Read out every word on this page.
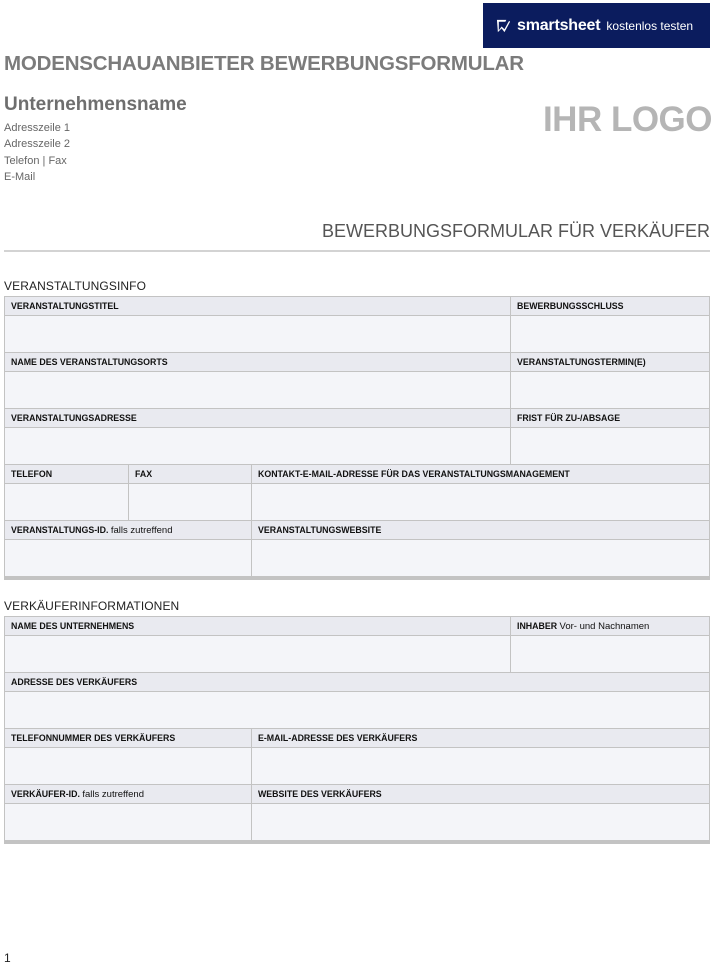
smartsheet kostenlos testen
MODENSCHAUANBIETER BEWERBUNGSFORMULAR
Unternehmensname
Adresszeile 1
Adresszeile 2
Telefon | Fax
E-Mail
IHR LOGO
BEWERBUNGSFORMULAR FÜR VERKÄUFER
VERANSTALTUNGSINFO
VERANSTALTUNGSTITEL	BEWERBUNGSSCHLUSS
NAME DES VERANSTALTUNGSORTS	VERANSTALTUNGSTERMIN(E)
VERANSTALTUNGSADRESSE	FRIST FÜR ZU-/ABSAGE
TELEFON	FAX	KONTAKT-E-MAIL-ADRESSE FÜR DAS VERANSTALTUNGSMANAGEMENT
VERANSTALTUNGS-ID. falls zutreffend	VERANSTALTUNGSWEBSITE
VERKÄUFERINFORMATIONEN
NAME DES UNTERNEHMENS	INHABER Vor- und Nachnamen
ADRESSE DES VERKÄUFERS
TELEFONNUMMER DES VERKÄUFERS	E-MAIL-ADRESSE DES VERKÄUFERS
VERKÄUFER-ID. falls zutreffend	WEBSITE DES VERKÄUFERS
1
